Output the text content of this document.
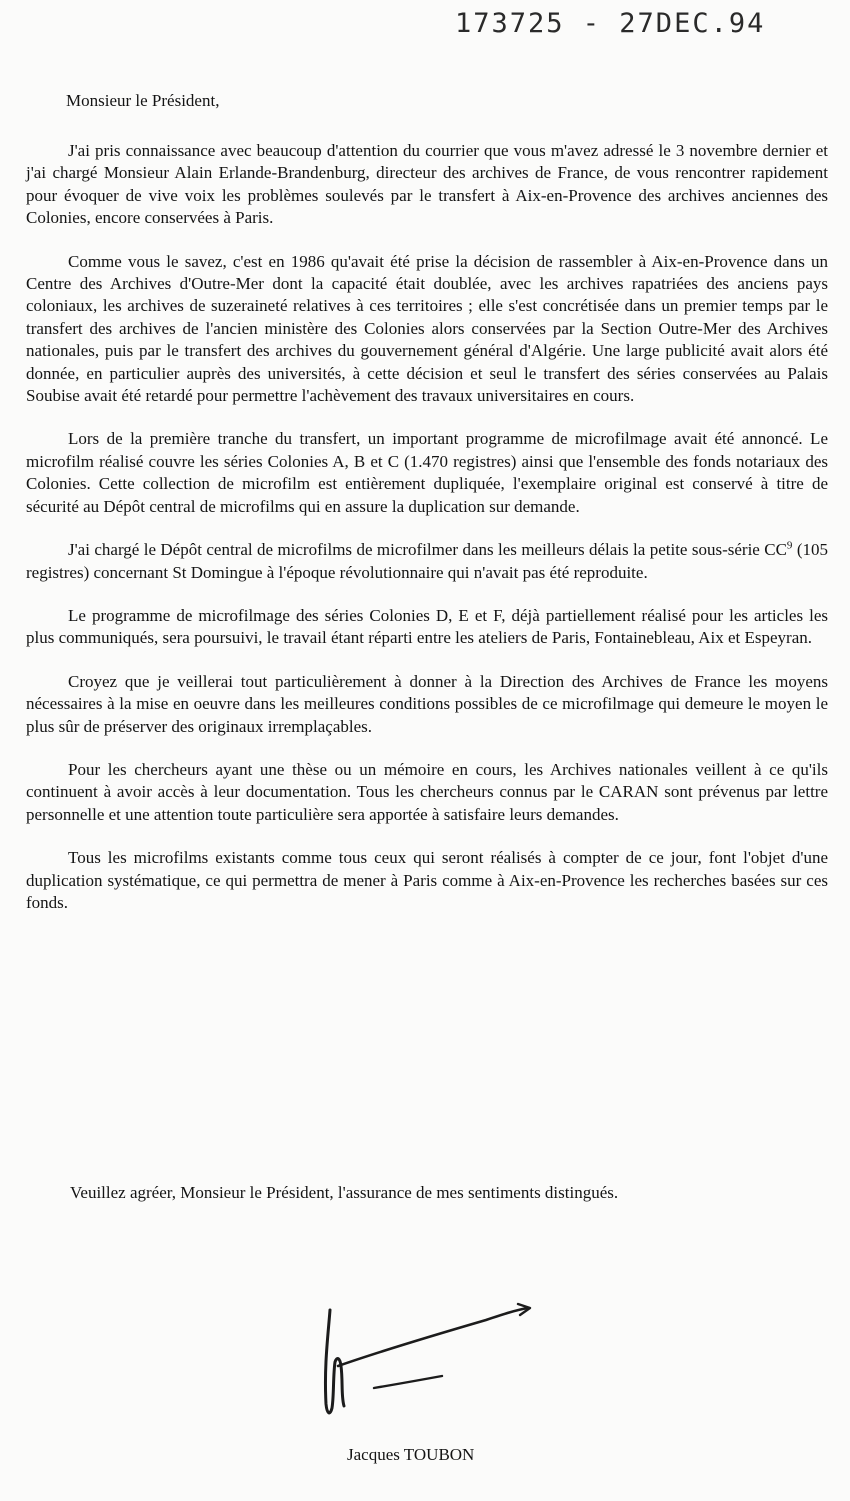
173725 - 27DEC.94
Monsieur le Président,

J'ai pris connaissance avec beaucoup d'attention du courrier que vous m'avez adressé le 3 novembre dernier et j'ai chargé Monsieur Alain Erlande-Brandenburg, directeur des archives de France, de vous rencontrer rapidement pour évoquer de vive voix les problèmes soulevés par le transfert à Aix-en-Provence des archives anciennes des Colonies, encore conservées à Paris.

Comme vous le savez, c'est en 1986 qu'avait été prise la décision de rassembler à Aix-en-Provence dans un Centre des Archives d'Outre-Mer dont la capacité était doublée, avec les archives rapatriées des anciens pays coloniaux, les archives de suzeraineté relatives à ces territoires ; elle s'est concrétisée dans un premier temps par le transfert des archives de l'ancien ministère des Colonies alors conservées par la Section Outre-Mer des Archives nationales, puis par le transfert des archives du gouvernement général d'Algérie. Une large publicité avait alors été donnée, en particulier auprès des universités, à cette décision et seul le transfert des séries conservées au Palais Soubise avait été retardé pour permettre l'achèvement des travaux universitaires en cours.

Lors de la première tranche du transfert, un important programme de microfilmage avait été annoncé. Le microfilm réalisé couvre les séries Colonies A, B et C (1.470 registres) ainsi que l'ensemble des fonds notariaux des Colonies. Cette collection de microfilm est entièrement dupliquée, l'exemplaire original est conservé à titre de sécurité au Dépôt central de microfilms qui en assure la duplication sur demande.

J'ai chargé le Dépôt central de microfilms de microfilmer dans les meilleurs délais la petite sous-série $CC^9$ (105 registres) concernant St Domingue à l'époque révolutionnaire qui n'avait pas été reproduite.

Le programme de microfilmage des séries Colonies D, E et F, déjà partiellement réalisé pour les articles les plus communiqués, sera poursuivi, le travail étant réparti entre les ateliers de Paris, Fontainebleau, Aix et Espeyran.

Croyez que je veillerai tout particulièrement à donner à la Direction des Archives de France les moyens nécessaires à la mise en oeuvre dans les meilleures conditions possibles de ce microfilmage qui demeure le moyen le plus sûr de préserver des originaux irremplaçables.

Pour les chercheurs ayant une thèse ou un mémoire en cours, les Archives nationales veillent à ce qu'ils continuent à avoir accès à leur documentation. Tous les chercheurs connus par le CARAN sont prévenus par lettre personnelle et une attention toute particulière sera apportée à satisfaire leurs demandes.

Tous les microfilms existants comme tous ceux qui seront réalisés à compter de ce jour, font l'objet d'une duplication systématique, ce qui permettra de mener à Paris comme à Aix-en-Provence les recherches basées sur ces fonds.

Veuillez agréer, Monsieur le Président, l'assurance de mes sentiments distingués.
Jacques TOUBON
